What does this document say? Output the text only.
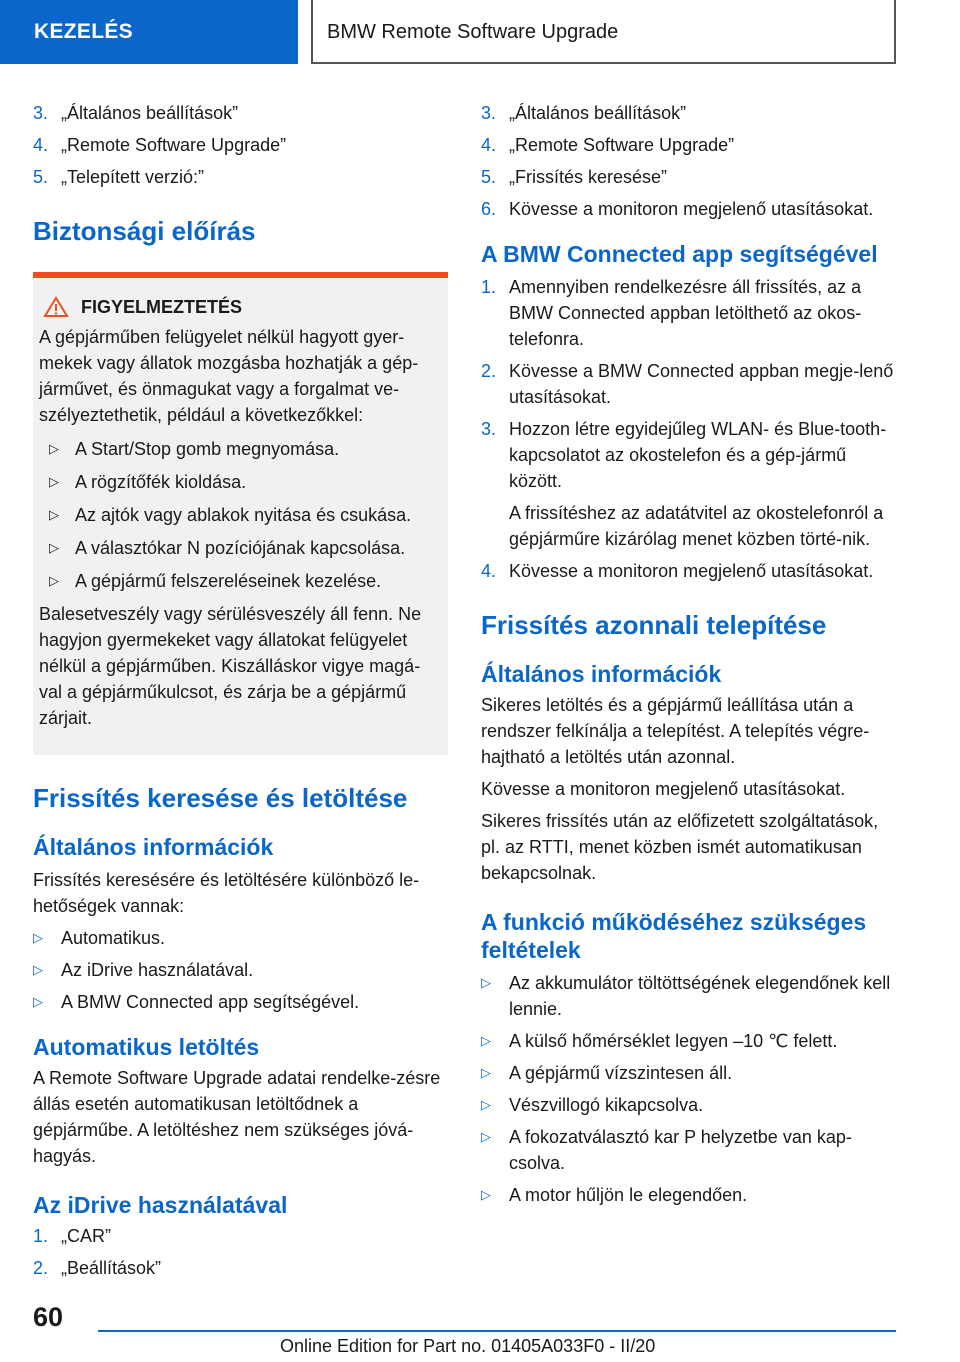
KEZELÉS	BMW Remote Software Upgrade
3. „Általános beállítások”
4. „Remote Software Upgrade”
5. „Telepített verzió:”
Biztonsági előírás
FIGYELMEZTETÉS

A gépjárműben felügyelet nélkül hagyott gyer-mekek vagy állatok mozgásba hozhatják a gép-járművet, és önmagukat vagy a forgalmat ve-szélyeztethetik, például a következőkkel:

▷ A Start/Stop gomb megnyomása.
▷ A rögzítőfék kioldása.
▷ Az ajtók vagy ablakok nyitása és csukása.
▷ A választókar N pozíciójának kapcsolása.
▷ A gépjármű felszereléseinek kezelése.

Balesetveszély vagy sérülésveszély áll fenn. Ne hagyjon gyermekeket vagy állatokat felügyelet nélkül a gépjárműben. Kiszálláskor vigye magá-val a gépjárműkulcsot, és zárja be a gépjármű zárjait.

Frissítés keresése és letöltése
Általános információk

Frissítés keresésére és letöltésére különböző le-hetőségek vannak:

▷	Automatikus.
▷	Az iDrive használatával.
▷	A BMW Connected app segítségével.
Automatikus letöltés

A Remote Software Upgrade adatai rendelke-zésre állás esetén automatikusan letöltődnek a gépjárműbe. A letöltéshez nem szükséges jóvá-hagyás.

Az iDrive használatával
1. „CAR”
2. „Beállítások”
3. „Általános beállítások”
4. „Remote Software Upgrade”
5. „Frissítés keresése”
6. Kövesse a monitoron megjelenő utasításokat.
A BMW Connected app segítségével
1. Amennyiben rendelkezésre áll frissítés, az a BMW Connected appban letölthető az okos-telefonra.
2. Kövesse a BMW Connected appban megje-lenő utasításokat.
3. Hozzon létre egyidejűleg WLAN- és Blue-tooth-kapcsolatot az okostelefon és a gép-jármű között.
A frissítéshez az adatátvitel az okostelefonról a gépjárműre kizárólag menet közben törté-nik.
4. Kövesse a monitoron megjelenő utasításokat.
Frissítés azonnali telepítése
Általános információk

Sikeres letöltés és a gépjármű leállítása után a rendszer felkínálja a telepítést. A telepítés végre-hajtható a letöltés után azonnal.

Kövesse a monitoron megjelenő utasításokat.

Sikeres frissítés után az előfizetett szolgáltatások, pl. az RTTI, menet közben ismét automatikusan bekapcsolnak.

A funkció működéséhez szükséges feltételek
▷	Az akkumulátor töltöttségének elegendőnek kell lennie.
▷	A külső hőmérséklet legyen –10 ℃ felett.
▷	A gépjármű vízszintesen áll.
▷	Vészvillogó kikapcsolva.
▷	A fokozatválasztó kar P helyzetbe van kap-csolva.
▷	A motor hűljön le elegendően.
60
Online Edition for Part no. 01405A033F0 - II/20
